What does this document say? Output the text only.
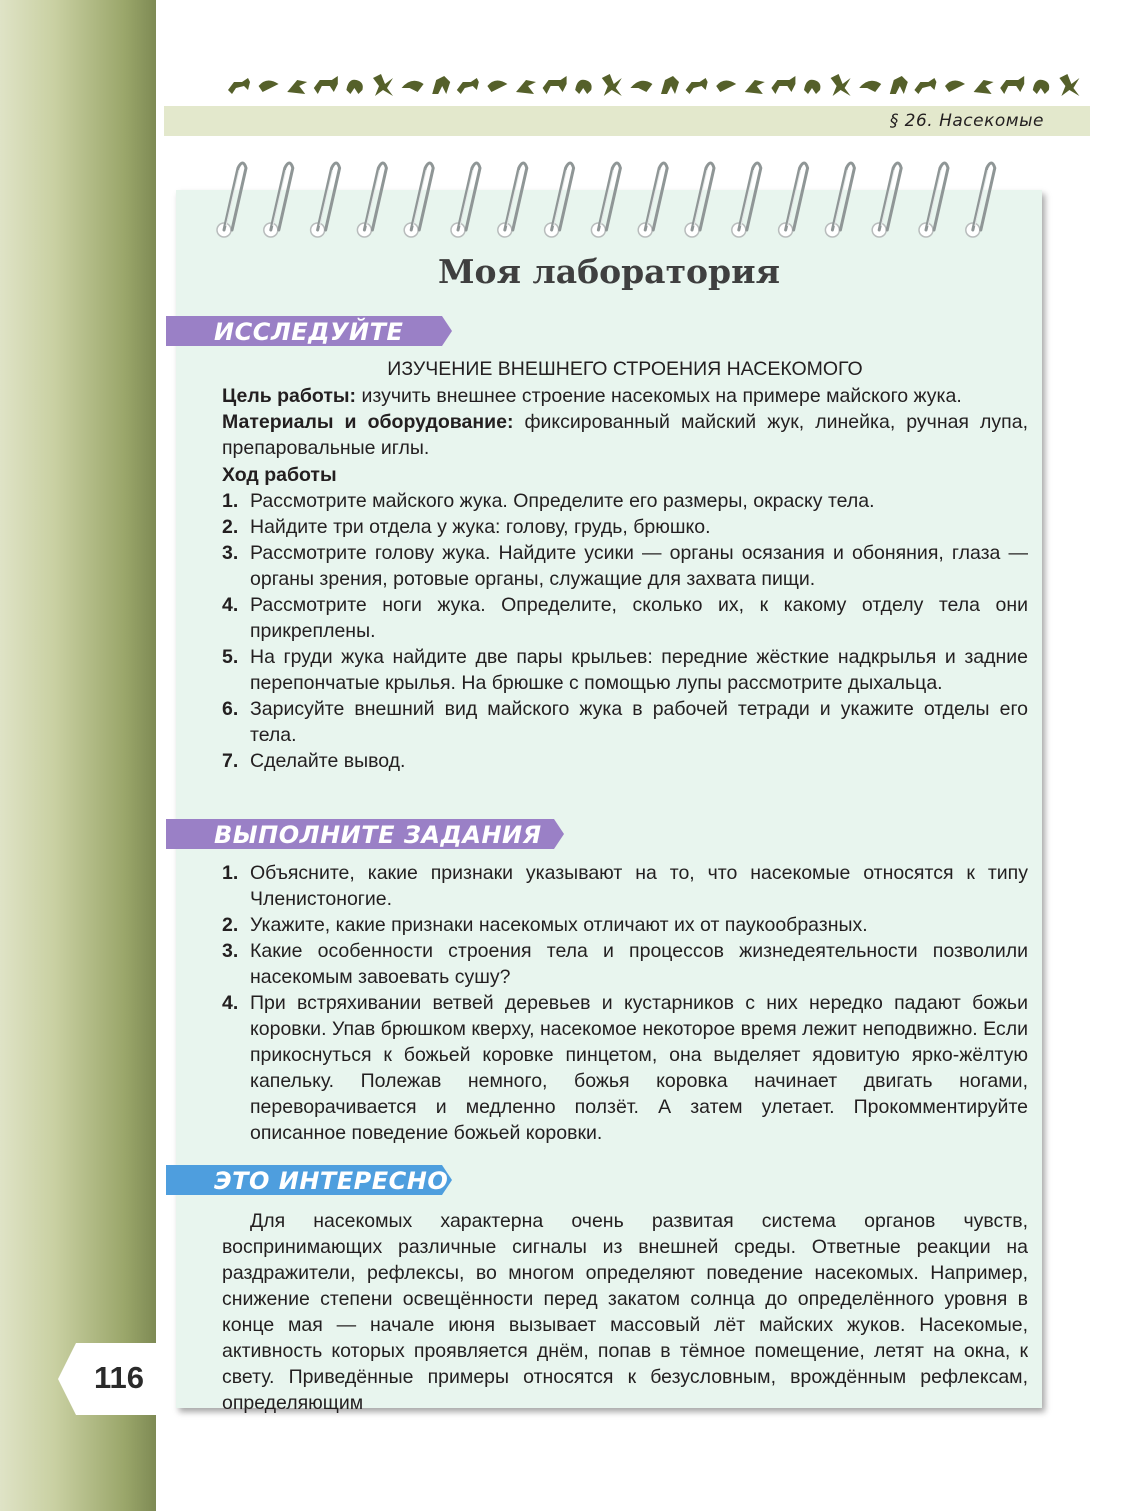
§ 26. Насекомые
Моя лаборатория
ИССЛЕДУЙТЕ
ИЗУЧЕНИЕ ВНЕШНЕГО СТРОЕНИЯ НАСЕКОМОГО
Цель работы: изучить внешнее строение насекомых на примере майского жука.
Материалы и оборудование: фиксированный майский жук, линейка, ручная лупа, препаровальные иглы.
Ход работы
1. Рассмотрите майского жука. Определите его размеры, окраску тела.
2. Найдите три отдела у жука: голову, грудь, брюшко.
3. Рассмотрите голову жука. Найдите усики — органы осязания и обоняния, глаза — органы зрения, ротовые органы, служащие для захвата пищи.
4. Рассмотрите ноги жука. Определите, сколько их, к какому отделу тела они прикреплены.
5. На груди жука найдите две пары крыльев: передние жёсткие надкрылья и задние перепончатые крылья. На брюшке с помощью лупы рассмотрите дыхальца.
6. Зарисуйте внешний вид майского жука в рабочей тетради и укажите отделы его тела.
7. Сделайте вывод.
ВЫПОЛНИТЕ ЗАДАНИЯ
1. Объясните, какие признаки указывают на то, что насекомые относятся к типу Членистоногие.
2. Укажите, какие признаки насекомых отличают их от паукообразных.
3. Какие особенности строения тела и процессов жизнедеятельности позволили насекомым завоевать сушу?
4. При встряхивании ветвей деревьев и кустарников с них нередко падают божьи коровки. Упав брюшком кверху, насекомое некоторое время лежит неподвижно. Если прикоснуться к божьей коровке пинцетом, она выделяет ядовитую ярко-жёлтую капельку. Полежав немного, божья коровка начинает двигать ногами, переворачивается и медленно ползёт. А затем улетает. Прокомментируйте описанное поведение божьей коровки.
ЭТО ИНТЕРЕСНО
Для насекомых характерна очень развитая система органов чувств, воспринимающих различные сигналы из внешней среды. Ответные реакции на раздражители, рефлексы, во многом определяют поведение насекомых. Например, снижение степени освещённости перед закатом солнца до определённого уровня в конце мая — начале июня вызывает массовый лёт майских жуков. Насекомые, активность которых проявляется днём, попав в тёмное помещение, летят на окна, к свету. Приведённые примеры относятся к безусловным, врождённым рефлексам, определяющим
116
